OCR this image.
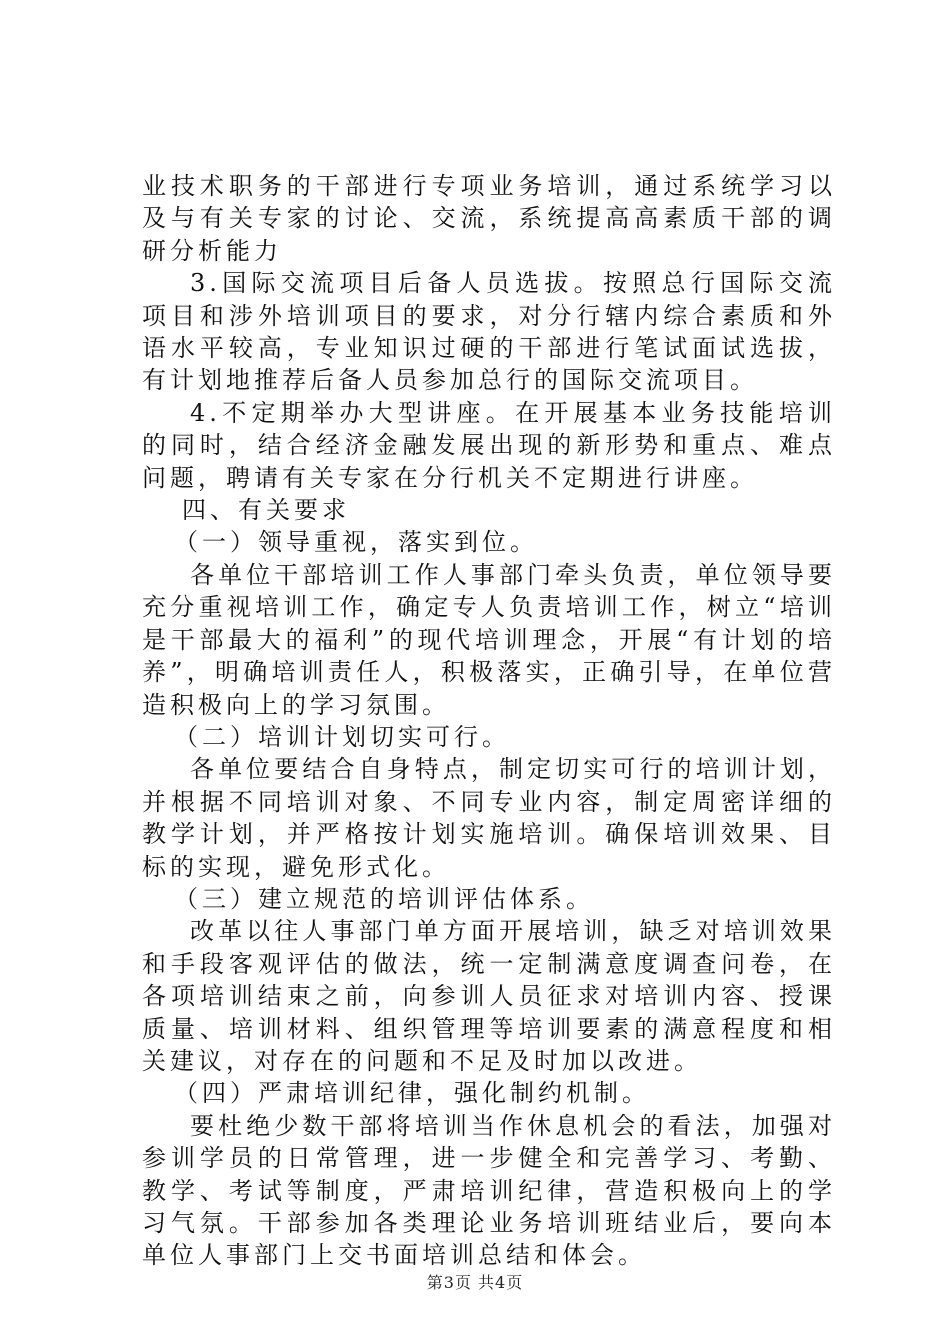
业技术职务的干部进行专项业务培训，通过系统学习以及与有关专家的讨论、交流，系统提高高素质干部的调研分析能力

3.国际交流项目后备人员选拔。按照总行国际交流项目和涉外培训项目的要求，对分行辖内综合素质和外语水平较高，专业知识过硬的干部进行笔试面试选拔，有计划地推荐后备人员参加总行的国际交流项目。

4.不定期举办大型讲座。在开展基本业务技能培训的同时，结合经济金融发展出现的新形势和重点、难点问题，聘请有关专家在分行机关不定期进行讲座。

四、有关要求

（一）领导重视，落实到位。

各单位干部培训工作人事部门牵头负责，单位领导要充分重视培训工作，确定专人负责培训工作，树立“培训是干部最大的福利”的现代培训理念，开展“有计划的培养”，明确培训责任人，积极落实，正确引导，在单位营造积极向上的学习氛围。

（二）培训计划切实可行。

各单位要结合自身特点，制定切实可行的培训计划，并根据不同培训对象、不同专业内容，制定周密详细的教学计划，并严格按计划实施培训。确保培训效果、目标的实现，避免形式化。

（三）建立规范的培训评估体系。

改革以往人事部门单方面开展培训，缺乏对培训效果和手段客观评估的做法，统一定制满意度调查问卷，在各项培训结束之前，向参训人员征求对培训内容、授课质量、培训材料、组织管理等培训要素的满意程度和相关建议，对存在的问题和不足及时加以改进。

（四）严肃培训纪律，强化制约机制。

要杜绝少数干部将培训当作休息机会的看法，加强对参训学员的日常管理，进一步健全和完善学习、考勤、教学、考试等制度，严肃培训纪律，营造积极向上的学习气氛。干部参加各类理论业务培训班结业后，要向本单位人事部门上交书面培训总结和体会。

第3页 共4页
